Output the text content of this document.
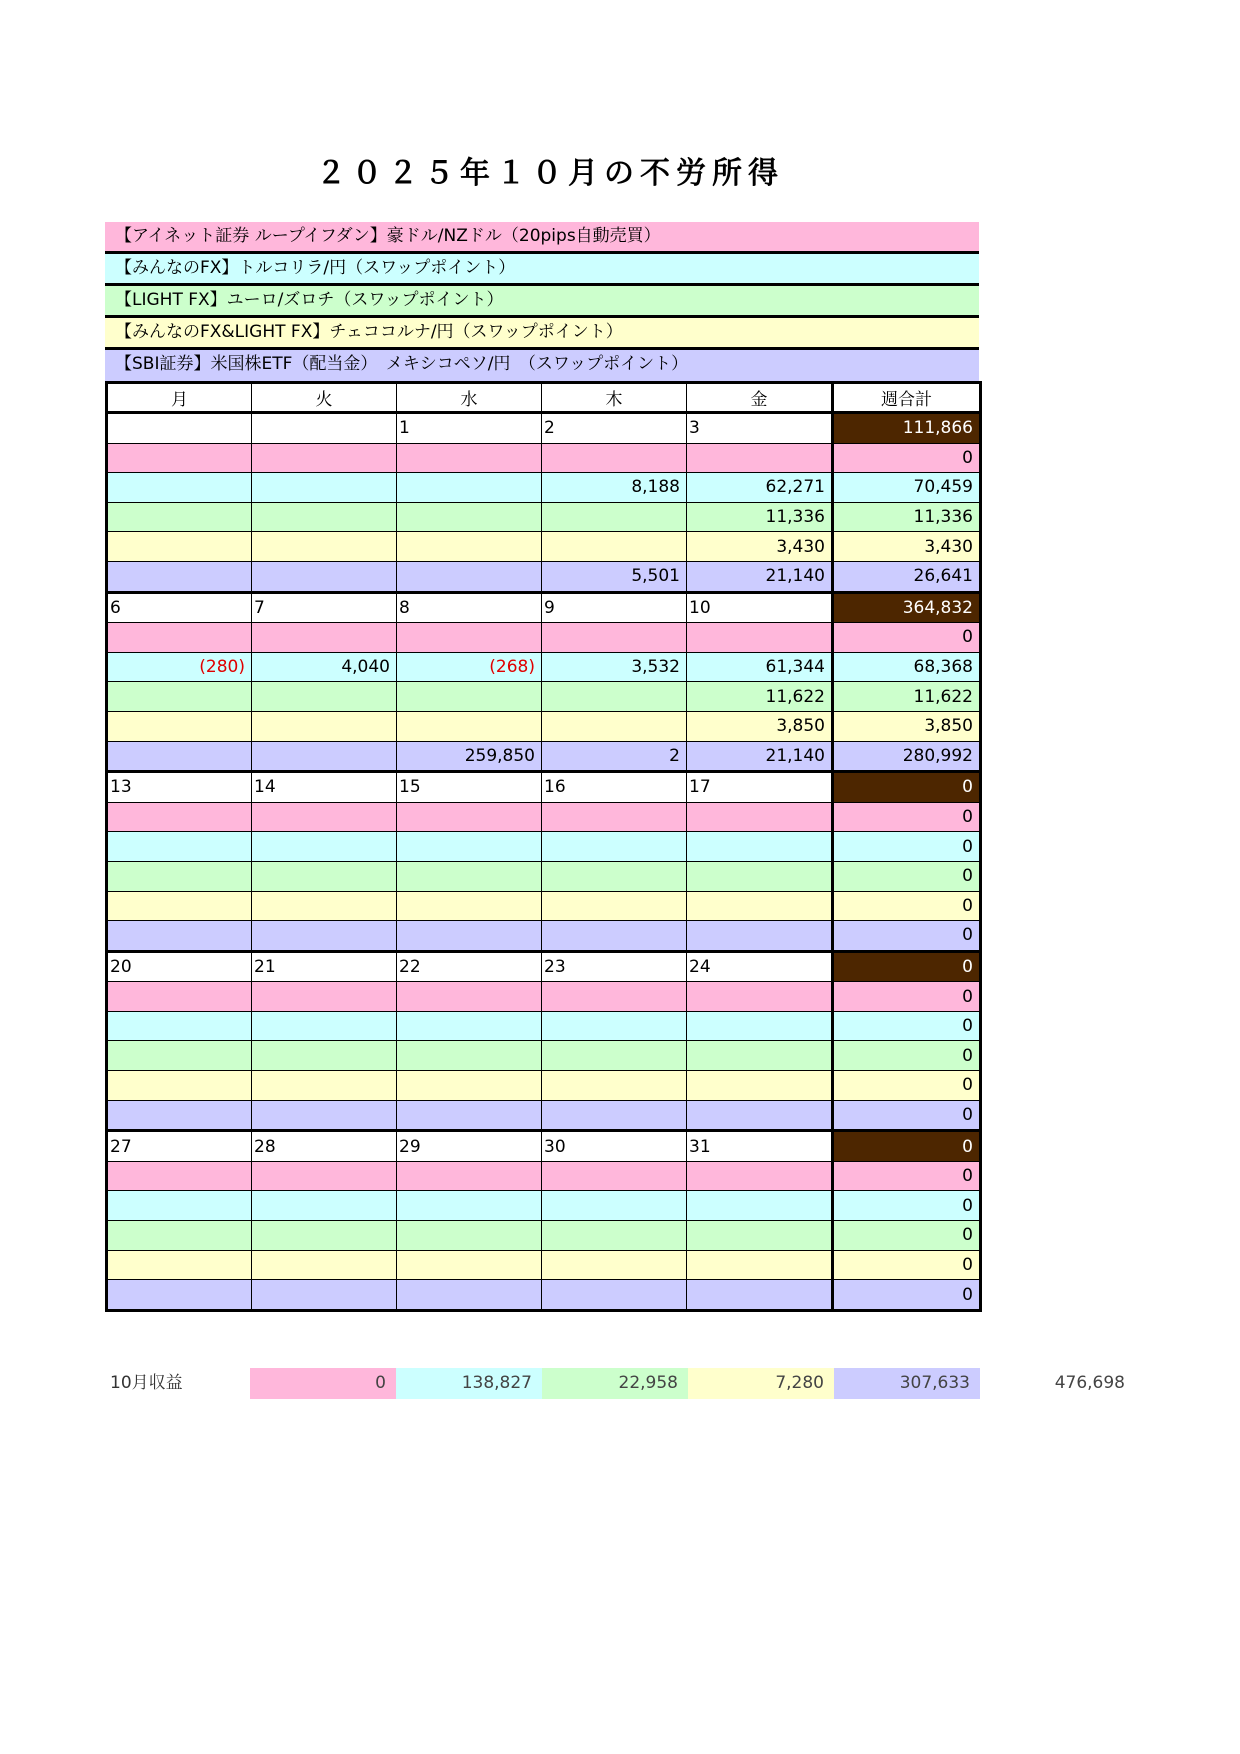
２０２５年１０月の不労所得
【アイネット証券 ループイフダン】豪ドル/NZドル（20pips自動売買）
【みんなのFX】トルコリラ/円（スワップポイント）
【LIGHT FX】ユーロ/ズロチ（スワップポイント）
【みんなのFX&LIGHT FX】チェココルナ/円（スワップポイント）
【SBI証券】米国株ETF（配当金）　メキシコペソ/円　（スワップポイント）
月	火	水	木	金	週合計
		1	2	3	111,866
					0
			8,188	62,271	70,459
				11,336	11,336
				3,430	3,430
			5,501	21,140	26,641
6	7	8	9	10	364,832
					0
(280)	4,040	(268)	3,532	61,344	68,368
				11,622	11,622
				3,850	3,850
		259,850	2	21,140	280,992
13	14	15	16	17	0
					0
					0
					0
					0
					0
20	21	22	23	24	0
					0
					0
					0
					0
					0
27	28	29	30	31	0
					0
					0
					0
					0
					0
10月収益	0	138,827	22,958	7,280	307,633	476,698
